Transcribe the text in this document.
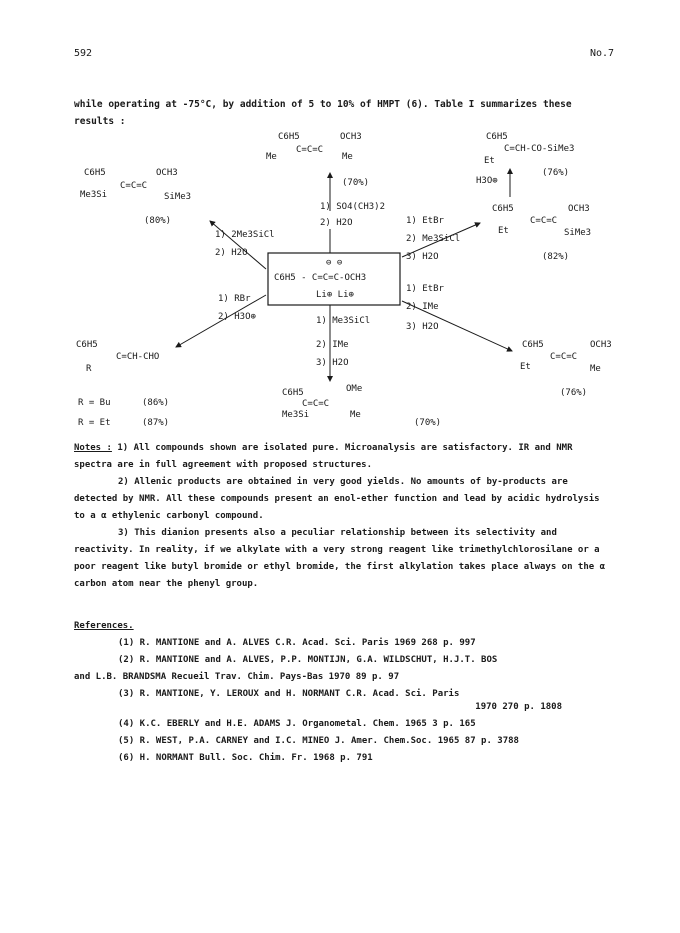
592	No.7
while operating at -75°C, by addition of 5 to 10% of HMPT (6). Table I summarizes these results :
⊖ ⊖
C6H5 - C=C=C-OCH3
Li⊕ Li⊕
C6H5	OCH3
C=C=C
Me	Me
(70%)
1) SO4(CH3)2
2) H2O
C6H5	OCH3
C=C=C
Me3Si	SiMe3
(80%)
1) 2Me3SiCl
2) H2O
C6H5
C=CH-CHO
R
1) RBr
2) H3O⊕
R = Bu	(86%)
R = Et	(87%)
C6H5
C=CH-CO-SiMe3
Et
(76%)
H3O⊕
C6H5	OCH3
C=C=C
Et	SiMe3
(82%)
1) EtBr
2) Me3SiCl
3) H2O
C6H5	OCH3
C=C=C
Et	Me
(76%)
1) EtBr
2) IMe
3) H2O
1) Me3SiCl
2) IMe
3) H2O
C6H5	OMe
C=C=C
Me3Si	Me
(70%)

Notes : 1) All compounds shown are isolated pure. Microanalysis are satisfactory. IR and NMR spectra are in full agreement with proposed structures.

2) Allenic products are obtained in very good yields. No amounts of by-products are detected by NMR. All these compounds present an enol-ether function and lead by acidic hydrolysis to a α ethylenic carbonyl compound.

3) This dianion presents also a peculiar relationship between its selectivity and reactivity. In reality, if we alkylate with a very strong reagent like trimethylchlorosilane or a poor reagent like butyl bromide or ethyl bromide, the first alkylation takes place always on the α carbon atom near the phenyl group.

References.

(1) R. MANTIONE and A. ALVES C.R. Acad. Sci. Paris 1969 268 p. 997

(2) R. MANTIONE and A. ALVES, P.P. MONTIJN, G.A. WILDSCHUT, H.J.T. BOS

and L.B. BRANDSMA Recueil Trav. Chim. Pays-Bas 1970 89 p. 97

(3) R. MANTIONE, Y. LEROUX and H. NORMANT C.R. Acad. Sci. Paris

1970 270 p. 1808

(4) K.C. EBERLY and H.E. ADAMS J. Organometal. Chem. 1965 3 p. 165

(5) R. WEST, P.A. CARNEY and I.C. MINEO J. Amer. Chem.Soc. 1965 87 p. 3788

(6) H. NORMANT Bull. Soc. Chim. Fr. 1968 p. 791
